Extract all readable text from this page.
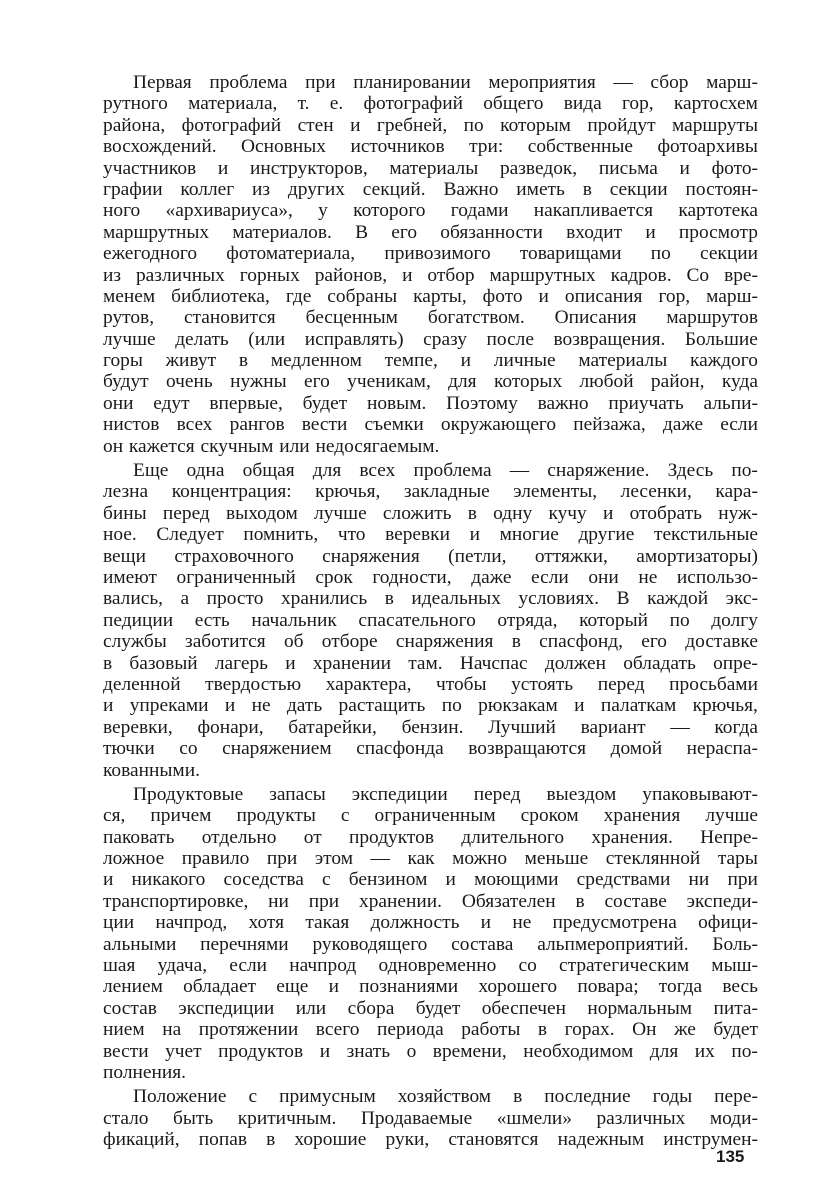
Первая проблема при планировании мероприятия — сбор марш-
рутного материала, т. е. фотографий общего вида гор, картосхем
района, фотографий стен и гребней, по которым пройдут маршруты
восхождений. Основных источников три: собственные фотоархивы
участников и инструкторов, материалы разведок, письма и фото-
графии коллег из других секций. Важно иметь в секции постоян-
ного «архивариуса», у которого годами накапливается картотека
маршрутных материалов. В его обязанности входит и просмотр
ежегодного фотоматериала, привозимого товарищами по секции
из различных горных районов, и отбор маршрутных кадров. Со вре-
менем библиотека, где собраны карты, фото и описания гор, марш-
рутов, становится бесценным богатством. Описания маршрутов
лучше делать (или исправлять) сразу после возвращения. Большие
горы живут в медленном темпе, и личные материалы каждого
будут очень нужны его ученикам, для которых любой район, куда
они едут впервые, будет новым. Поэтому важно приучать альпи-
нистов всех рангов вести съемки окружающего пейзажа, даже если
он кажется скучным или недосягаемым.
Еще одна общая для всех проблема — снаряжение. Здесь по-
лезна концентрация: крючья, закладные элементы, лесенки, кара-
бины перед выходом лучше сложить в одну кучу и отобрать нуж-
ное. Следует помнить, что веревки и многие другие текстильные
вещи страховочного снаряжения (петли, оттяжки, амортизаторы)
имеют ограниченный срок годности, даже если они не использо-
вались, а просто хранились в идеальных условиях. В каждой экс-
педиции есть начальник спасательного отряда, который по долгу
службы заботится об отборе снаряжения в спасфонд, его доставке
в базовый лагерь и хранении там. Начспас должен обладать опре-
деленной твердостью характера, чтобы устоять перед просьбами
и упреками и не дать растащить по рюкзакам и палаткам крючья,
веревки, фонари, батарейки, бензин. Лучший вариант — когда
тючки со снаряжением спасфонда возвращаются домой нераспа-
кованными.
Продуктовые запасы экспедиции перед выездом упаковывают-
ся, причем продукты с ограниченным сроком хранения лучше
паковать отдельно от продуктов длительного хранения. Непре-
ложное правило при этом — как можно меньше стеклянной тары
и никакого соседства с бензином и моющими средствами ни при
транспортировке, ни при хранении. Обязателен в составе экспеди-
ции начпрод, хотя такая должность и не предусмотрена офици-
альными перечнями руководящего состава альпмероприятий. Боль-
шая удача, если начпрод одновременно со стратегическим мыш-
лением обладает еще и познаниями хорошего повара; тогда весь
состав экспедиции или сбора будет обеспечен нормальным пита-
нием на протяжении всего периода работы в горах. Он же будет
вести учет продуктов и знать о времени, необходимом для их по-
полнения.
Положение с примусным хозяйством в последние годы пере-
стало быть критичным. Продаваемые «шмели» различных моди-
фикаций, попав в хорошие руки, становятся надежным инструмен-
135
